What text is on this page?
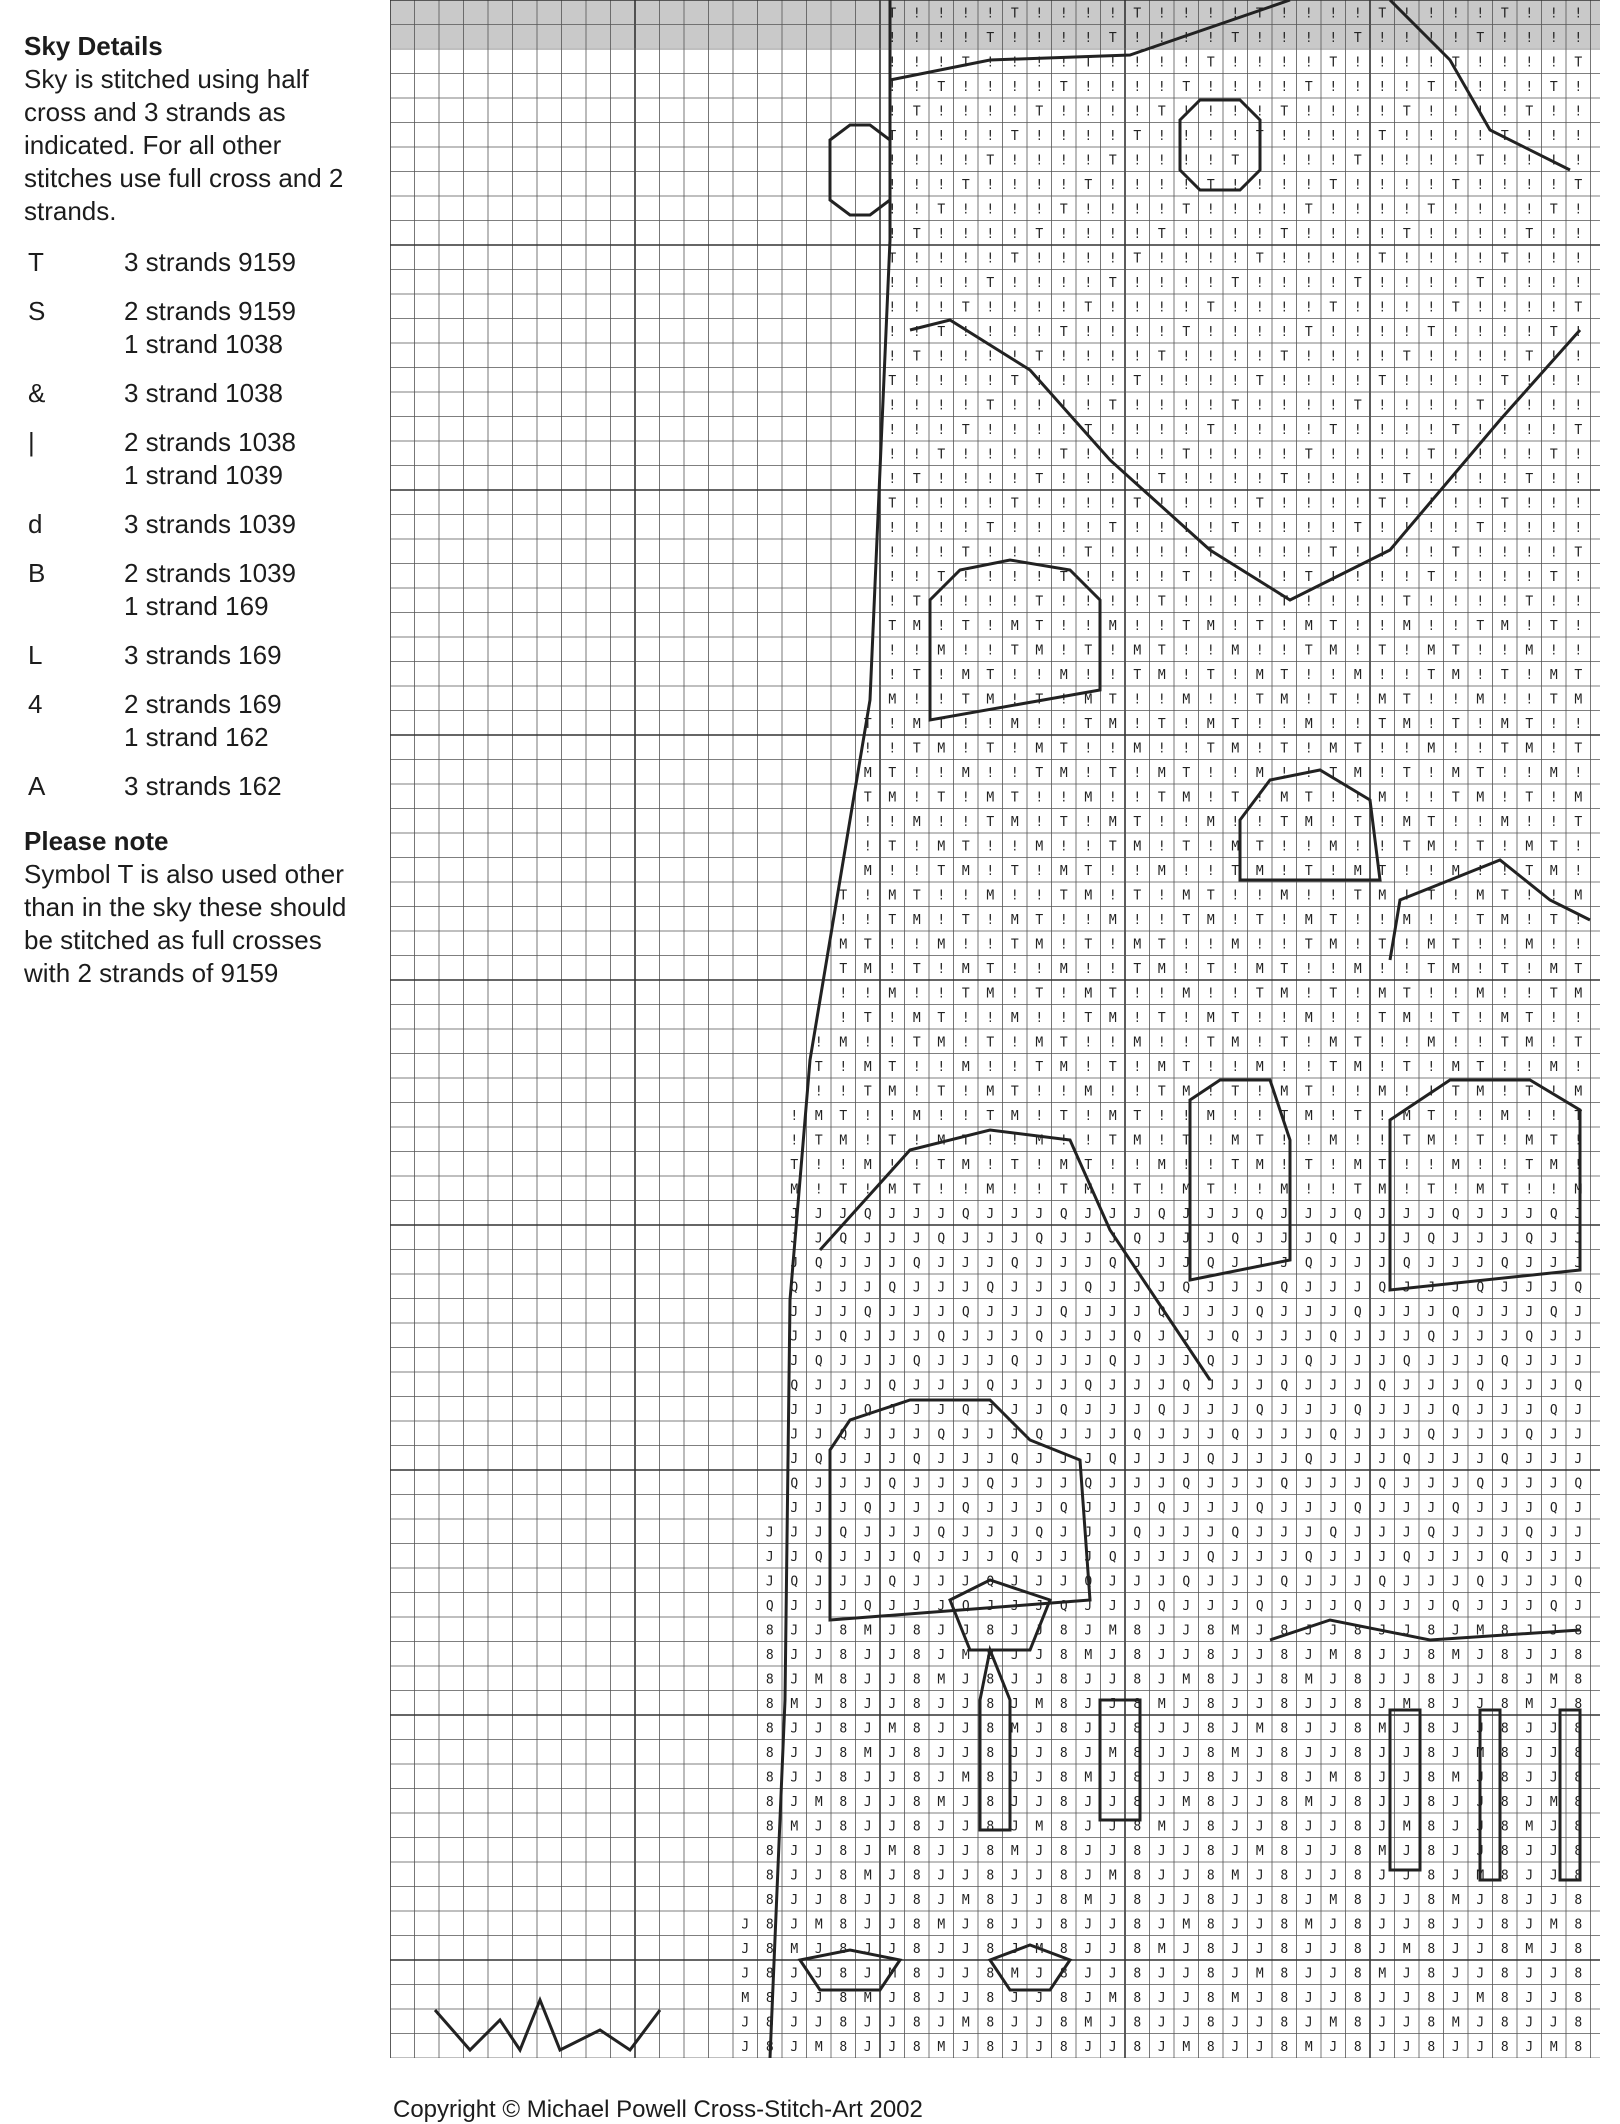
Sky Details
Sky is stitched using half cross and 3 strands as indicated. For all other stitches use full cross and 2 strands.
T	3 strands 9159
S	2 strands 9159
1 strand 1038
&	3 strand 1038
|	2 strands 1038
1 strand 1039
d	3 strands 1039
B	2 strands 1039
1 strand 169
L	3 strands 169
4	2 strands 169
1 strand 162
A	3 strands 162
Please note
Symbol T is also used other than in the sky these should be stitched as full crosses with 2 strands of 9159
T ! ! ! ! T ! ! ! ! T ! ! ! ! T ! ! ! ! T ! ! ! ! T ! ! !
! ! ! ! T ! ! ! ! T ! ! ! ! T ! ! ! ! T ! ! ! ! T ! ! ! !
! ! ! T ! ! ! ! T ! ! ! ! T ! ! ! ! T ! ! ! ! T ! ! ! ! T
! ! T ! ! ! ! T ! ! ! ! T ! ! ! ! T ! ! ! ! T ! ! ! ! T !
! T ! ! ! ! T ! ! ! ! T ! ! ! ! T ! ! ! ! T ! ! ! ! T ! !
T ! ! ! ! T ! ! ! ! T ! ! ! ! T ! ! ! ! T ! ! ! ! T ! ! !
! ! ! ! T ! ! ! ! T ! ! ! ! T ! ! ! ! T ! ! ! ! T ! ! ! !
! ! ! T ! ! ! ! T ! ! ! ! T ! ! ! ! T ! ! ! ! T ! ! ! ! T
! ! T ! ! ! ! T ! ! ! ! T ! ! ! ! T ! ! ! ! T ! ! ! ! T !
! T ! ! ! ! T ! ! ! ! T ! ! ! ! T ! ! ! ! T ! ! ! ! T ! !
T ! ! ! ! T ! ! ! ! T ! ! ! ! T ! ! ! ! T ! ! ! ! T ! ! !
! ! ! ! T ! ! ! ! T ! ! ! ! T ! ! ! ! T ! ! ! ! T ! ! ! !
! ! ! T ! ! ! ! T ! ! ! ! T ! ! ! ! T ! ! ! ! T ! ! ! ! T
! ! T ! ! ! ! T ! ! ! ! T ! ! ! ! T ! ! ! ! T ! ! ! ! T !
! T ! ! ! ! T ! ! ! ! T ! ! ! ! T ! ! ! ! T ! ! ! ! T ! !
T ! ! ! ! T ! ! ! ! T ! ! ! ! T ! ! ! ! T ! ! ! ! T ! ! !
! ! ! ! T ! ! ! ! T ! ! ! ! T ! ! ! ! T ! ! ! ! T ! ! ! !
! ! ! T ! ! ! ! T ! ! ! ! T ! ! ! ! T ! ! ! ! T ! ! ! ! T
! ! T ! ! ! ! T ! ! ! ! T ! ! ! ! T ! ! ! ! T ! ! ! ! T !
! T ! ! ! ! T ! ! ! ! T ! ! ! ! T ! ! ! ! T ! ! ! ! T ! !
T ! ! ! ! T ! ! ! ! T ! ! ! ! T ! ! ! ! T ! ! ! ! T ! ! !
! ! ! ! T ! ! ! ! T ! ! ! ! T ! ! ! ! T ! ! ! ! T ! ! ! !
! ! ! T ! ! ! ! T ! ! ! ! T ! ! ! ! T ! ! ! ! T ! ! ! ! T
! ! T ! ! ! ! T ! ! ! ! T ! ! ! ! T ! ! ! ! T ! ! ! ! T !
! T ! ! ! ! T ! ! ! ! T ! ! ! ! T ! ! ! ! T ! ! ! ! T ! !
T M ! T ! M T ! ! M ! ! T M ! T ! M T ! ! M ! ! T M ! T !
! ! M ! ! T M ! T ! M T ! ! M ! ! T M ! T ! M T ! ! M ! !
! T ! M T ! ! M ! ! T M ! T ! M T ! ! M ! ! T M ! T ! M T
M ! ! T M ! T ! M T ! ! M ! ! T M ! T ! M T ! ! M ! ! T M
T ! M T ! ! M ! ! T M ! T ! M T ! ! M ! ! T M ! T ! M T ! !
! ! T M ! T ! M T ! ! M ! ! T M ! T ! M T ! ! M ! ! T M ! T
M T ! ! M ! ! T M ! T ! M T ! ! M ! ! T M ! T ! M T ! ! M !
T M ! T ! M T ! ! M ! ! T M ! T ! M T ! ! M ! ! T M ! T ! M
! ! M ! ! T M ! T ! M T ! ! M ! ! T M ! T ! M T ! ! M ! ! T
! T ! M T ! ! M ! ! T M ! T ! M T ! ! M ! ! T M ! T ! M T !
M ! ! T M ! T ! M T ! ! M ! ! T M ! T ! M T ! ! M ! ! T M !
T ! M T ! ! M ! ! T M ! T ! M T ! ! M ! ! T M ! T ! M T ! ! M
! ! T M ! T ! M T ! ! M ! ! T M ! T ! M T ! ! M ! ! T M ! T !
M T ! ! M ! ! T M ! T ! M T ! ! M ! ! T M ! T ! M T ! ! M ! !
T M ! T ! M T ! ! M ! ! T M ! T ! M T ! ! M ! ! T M ! T ! M T
! ! M ! ! T M ! T ! M T ! ! M ! ! T M ! T ! M T ! ! M ! ! T M
! T ! M T ! ! M ! ! T M ! T ! M T ! ! M ! ! T M ! T ! M T ! !
! M ! ! T M ! T ! M T ! ! M ! ! T M ! T ! M T ! ! M ! ! T M ! T
T ! M T ! ! M ! ! T M ! T ! M T ! ! M ! ! T M ! T ! M T ! ! M !
! ! T M ! T ! M T ! ! M ! ! T M ! T ! M T ! ! M ! ! T M ! T ! M
! M T ! ! M ! ! T M ! T ! M T ! ! M ! ! T M ! T ! M T ! ! M ! ! T
! T M ! T ! M T ! ! M ! ! T M ! T ! M T ! ! M ! ! T M ! T ! M T !
T ! ! M ! ! T M ! T ! M T ! ! M ! ! T M ! T ! M T ! ! M ! ! T M !
M ! T ! M T ! ! M ! ! T M ! T ! M T ! ! M ! ! T M ! T ! M T ! ! M
J J J Q J J J Q J J J Q J J J Q J J J Q J J J Q J J J Q J J J Q J
J J Q J J J Q J J J Q J J J Q J J J Q J J J Q J J J Q J J J Q J J
J Q J J J Q J J J Q J J J Q J J J Q J J J Q J J J Q J J J Q J J J
Q J J J Q J J J Q J J J Q J J J Q J J J Q J J J Q J J J Q J J J Q
J J J Q J J J Q J J J Q J J J Q J J J Q J J J Q J J J Q J J J Q J
J J Q J J J Q J J J Q J J J Q J J J Q J J J Q J J J Q J J J Q J J
J Q J J J Q J J J Q J J J Q J J J Q J J J Q J J J Q J J J Q J J J
Q J J J Q J J J Q J J J Q J J J Q J J J Q J J J Q J J J Q J J J Q
J J J Q J J J Q J J J Q J J J Q J J J Q J J J Q J J J Q J J J Q J
J J Q J J J Q J J J Q J J J Q J J J Q J J J Q J J J Q J J J Q J J
J Q J J J Q J J J Q J J J Q J J J Q J J J Q J J J Q J J J Q J J J
Q J J J Q J J J Q J J J Q J J J Q J J J Q J J J Q J J J Q J J J Q
J J J Q J J J Q J J J Q J J J Q J J J Q J J J Q J J J Q J J J Q J
J J J Q J J J Q J J J Q J J J Q J J J Q J J J Q J J J Q J J J Q J J
J J Q J J J Q J J J Q J J J Q J J J Q J J J Q J J J Q J J J Q J J J
J Q J J J Q J J J Q J J J Q J J J Q J J J Q J J J Q J J J Q J J J Q
Q J J J Q J J J Q J J J Q J J J Q J J J Q J J J Q J J J Q J J J Q J
8 J J 8 M J 8 J J 8 J J 8 J M 8 J J 8 M J 8 J J 8 J J 8 J M 8 J J 8
8 J J 8 J J 8 J M 8 J J 8 M J 8 J J 8 J J 8 J M 8 J J 8 M J 8 J J 8
8 J M 8 J J 8 M J 8 J J 8 J J 8 J M 8 J J 8 M J 8 J J 8 J J 8 J M 8
8 M J 8 J J 8 J J 8 J M 8 J J 8 M J 8 J J 8 J J 8 J M 8 J J 8 M J 8
8 J J 8 J M 8 J J 8 M J 8 J J 8 J J 8 J M 8 J J 8 M J 8 J J 8 J J 8
8 J J 8 M J 8 J J 8 J J 8 J M 8 J J 8 M J 8 J J 8 J J 8 J M 8 J J 8
8 J J 8 J J 8 J M 8 J J 8 M J 8 J J 8 J J 8 J M 8 J J 8 M J 8 J J 8
8 J M 8 J J 8 M J 8 J J 8 J J 8 J M 8 J J 8 M J 8 J J 8 J J 8 J M 8
8 M J 8 J J 8 J J 8 J M 8 J J 8 M J 8 J J 8 J J 8 J M 8 J J 8 M J 8
8 J J 8 J M 8 J J 8 M J 8 J J 8 J J 8 J M 8 J J 8 M J 8 J J 8 J J 8
8 J J 8 M J 8 J J 8 J J 8 J M 8 J J 8 M J 8 J J 8 J J 8 J M 8 J J 8
8 J J 8 J J 8 J M 8 J J 8 M J 8 J J 8 J J 8 J M 8 J J 8 M J 8 J J 8
J 8 J M 8 J J 8 M J 8 J J 8 J J 8 J M 8 J J 8 M J 8 J J 8 J J 8 J M 8
J 8 M J 8 J J 8 J J 8 J M 8 J J 8 M J 8 J J 8 J J 8 J M 8 J J 8 M J 8
J 8 J J 8 J M 8 J J 8 M J 8 J J 8 J J 8 J M 8 J J 8 M J 8 J J 8 J J 8
M 8 J J 8 M J 8 J J 8 J J 8 J M 8 J J 8 M J 8 J J 8 J J 8 J M 8 J J 8
J 8 J J 8 J J 8 J M 8 J J 8 M J 8 J J 8 J J 8 J M 8 J J 8 M J 8 J J 8
J 8 J M 8 J J 8 M J 8 J J 8 J J 8 J M 8 J J 8 M J 8 J J 8 J J 8 J M 8
Copyright © Michael Powell Cross-Stitch-Art 2002
